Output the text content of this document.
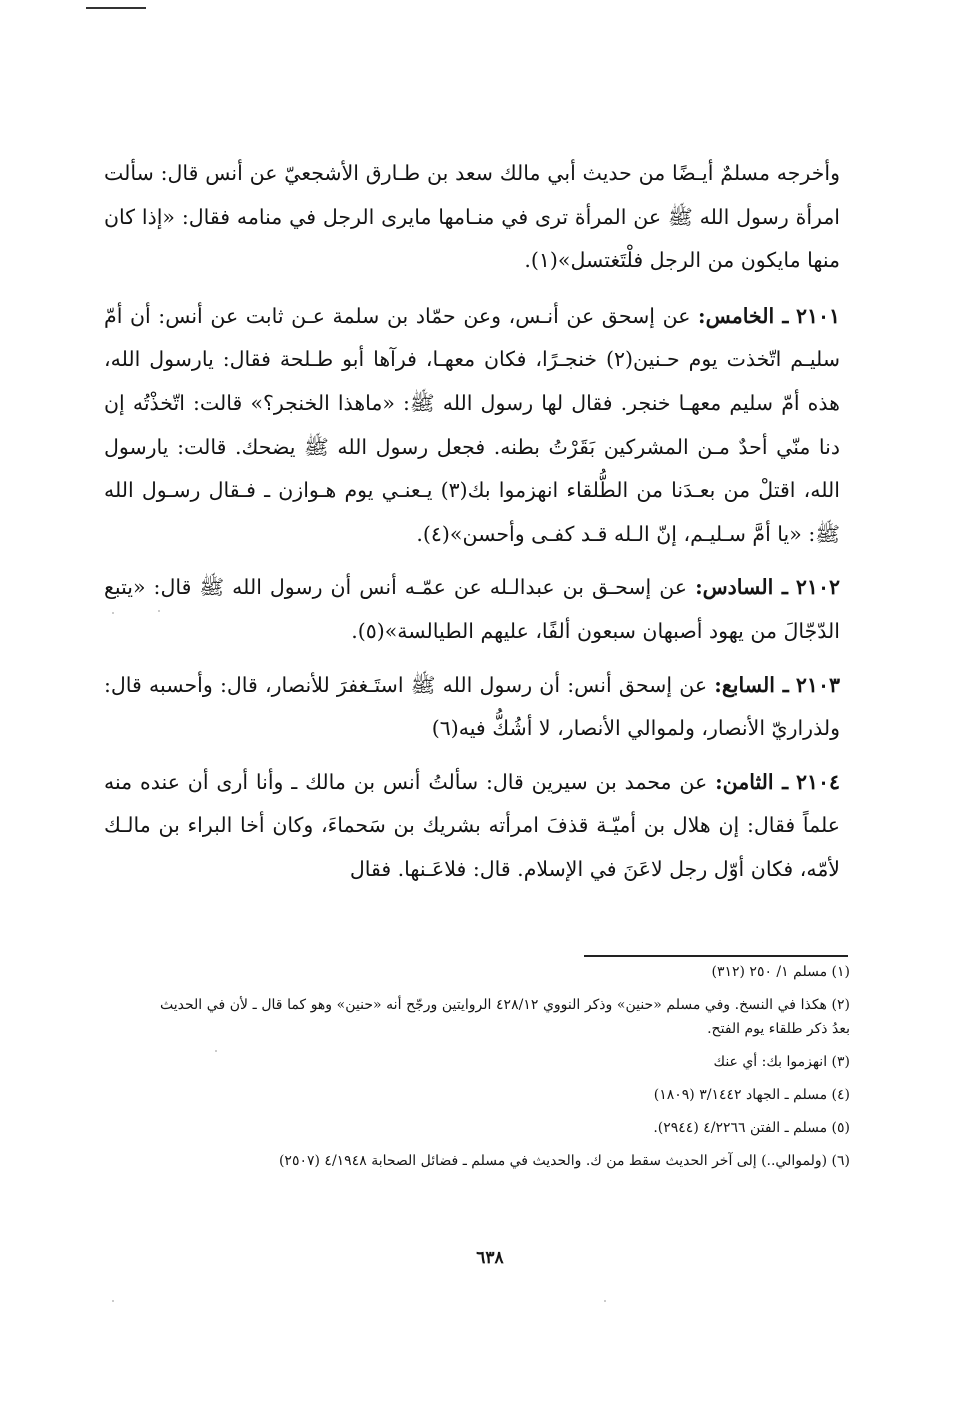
وأخرجه مسلمٌ أيـضًا من حديث أبي مالك سعد بن طـارق الأشجعيّ عن أنس قال: سألت امرأة رسول الله ﷺ عن المرأة ترى في منـامها مايرى الرجل في منامه فقال: «إذا كان منها مايكون من الرجل فلْتَغتسل»(١).

٢١٠١ ـ الخامس: عن إسحق عن أنـس، وعن حمّاد بن سلمة عـن ثابت عن أنس: أن أمّ سليـم اتّخذت يوم حـنين(٢) خنجـرًا، فكان معهـا، فرآها أبو طـلحة فقال: يارسول الله، هذه أمّ سليم معهـا خنجر. فقال لها رسول الله ﷺ: «ماهذا الخنجر؟» قالت: اتّخذْتُه إن دنا منّي أحدٌ مـن المشركين بَقَرْتُ بطنه. فجعل رسول الله ﷺ يضحك. قالت: يارسول الله، اقتلْ من بعـدَنا من الطُّلقاء انهزموا بك(٣) يـعنـي يوم هـوازن ـ فـقال رسـول الله ﷺ: «يا أمَّ سـليـم، إنّ الـله قـد كفـى وأحسن»(٤).

٢١٠٢ ـ السادس: عن إسحـق بن عبدالـله عن عمّـه أنس أن رسول الله ﷺ قال: «يتبع الدّجّالَ من يهود أصبهان سبعون ألفًا، عليهم الطيالسة»(٥).

٢١٠٣ ـ السابع: عن إسحق أنس: أن رسول الله ﷺ استَـغفرَ للأنصار، قال: وأحسبه قال: ولذراريّ الأنصار، ولموالي الأنصار، لا أشُكُّ فيه(٦)

٢١٠٤ ـ الثامن: عن محمد بن سيرين قال: سألتُ أنس بن مالك ـ وأنا أرى أن عنده منه علماً فقال: إن هلال بن أميّـة قذفَ امرأته بشريك بن سَحماءَ، وكان أخا البراء بن مالـك لأمّه، فكان أوّل رجل لاعَنَ في الإسلام. قال: فلاعَـنها. فقال

(١) مسلم ١/ ٢٥٠ (٣١٢)

(٢) هكذا في النسخ. وفي مسلم «حنين» وذكر النووي ٤٢٨/١٢ الروايتين ورجّح أنه «حنين» وهو كما قال ـ لأن في الحديث بعدُ ذكر طلقاء يوم الفتح.

(٣) انهزموا بك: أي عنك

(٤) مسلم ـ الجهاد ٣/١٤٤٢ (١٨٠٩)

(٥) مسلم ـ الفتن ٤/٢٢٦٦ (٢٩٤٤).

(٦) (ولموالي..) إلى آخر الحديث سقط من ك. والحديث في مسلم ـ فضائل الصحابة ٤/١٩٤٨ (٢٥٠٧)

٦٣٨
